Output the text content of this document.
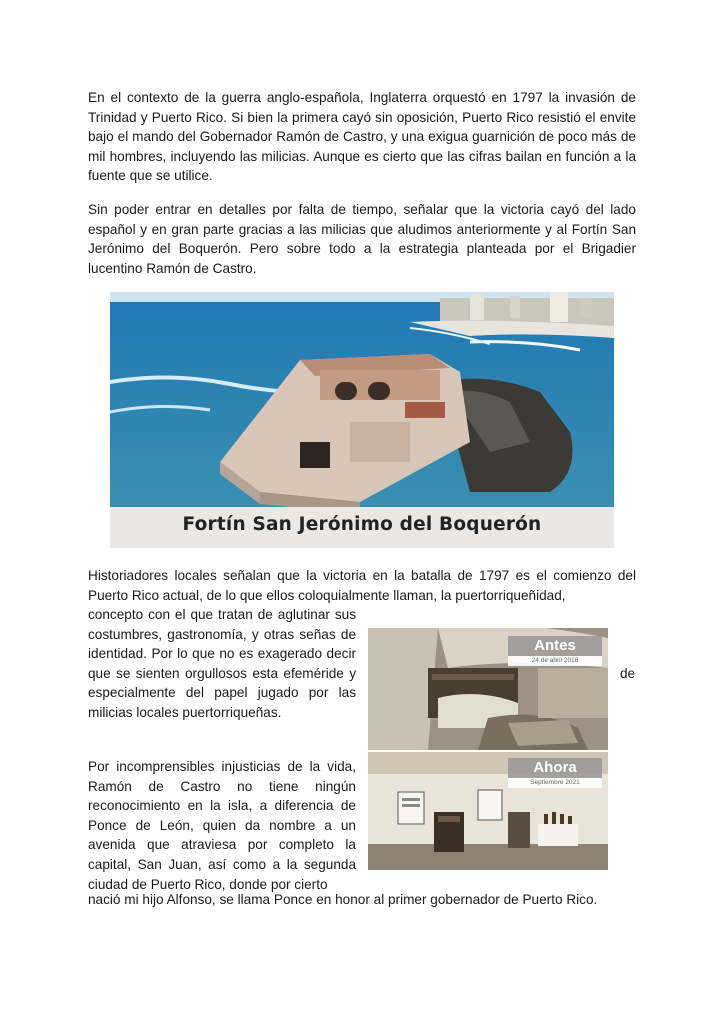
En el contexto de la guerra anglo-española, Inglaterra orquestó en 1797 la invasión de Trinidad y Puerto Rico. Si bien la primera cayó sin oposición, Puerto Rico resistió el envite bajo el mando del Gobernador Ramón de Castro, y una exigua guarnición de poco más de mil hombres, incluyendo las milicias. Aunque es cierto que las cifras bailan en función a la fuente que se utilice.

Sin poder entrar en detalles por falta de tiempo, señalar que la victoria cayó del lado español y en gran parte gracias a las milicias que aludimos anteriormente y al Fortín San Jerónimo del Boquerón. Pero sobre todo a la estrategia planteada por el Brigadier lucentino Ramón de Castro.

Fortín San Jerónimo del Boquerón

Historiadores locales señalan que la victoria en la batalla de 1797 es el comienzo del Puerto Rico actual, de lo que ellos coloquialmente llaman, la puertorriqueñidad,

concepto con el que tratan de aglutinar sus costumbres, gastronomía, y otras señas de identidad. Por lo que no es exagerado decir que se sienten orgullosos esta efeméride y especialmente del papel jugado por las milicias locales puertorriqueñas.

de
Antes
24 de abril 2018
Ahora
Septiembre 2021

Por incomprensibles injusticias de la vida, Ramón de Castro no tiene ningún reconocimiento en la isla, a diferencia de Ponce de León, quien da nombre a un avenida que atraviesa por completo la capital, San Juan, así como a la segunda ciudad de Puerto Rico, donde por cierto

nació mi hijo Alfonso, se llama Ponce en honor al primer gobernador de Puerto Rico.
